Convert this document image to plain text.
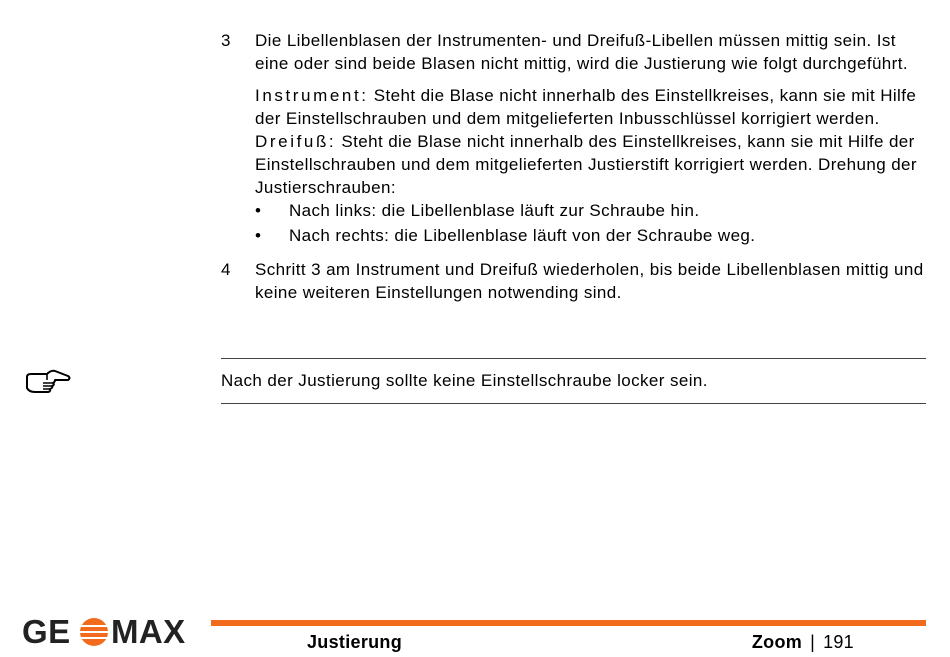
3	Die Libellenblasen der Instrumenten- und Dreifuß-Libellen müssen mittig sein. Ist eine oder sind beide Blasen nicht mittig, wird die Justierung wie folgt durchgeführt.

Instrument: Steht die Blase nicht innerhalb des Einstellkreises, kann sie mit Hilfe der Einstellschrauben und dem mitgelieferten Inbusschlüssel korrigiert werden.

Dreifuß: Steht die Blase nicht innerhalb des Einstellkreises, kann sie mit Hilfe der Einstellschrauben und dem mitgelieferten Justierstift korrigiert werden. Drehung der Justierschrauben:

•	Nach links: die Libellenblase läuft zur Schraube hin.
•	Nach rechts: die Libellenblase läuft von der Schraube weg.
4	Schritt 3 am Instrument und Dreifuß wiederholen, bis beide Libellenblasen mittig und keine weiteren Einstellungen notwending sind.

Nach der Justierung sollte keine Einstellschraube locker sein.
GE MAX	Justierung	Zoom | 191
